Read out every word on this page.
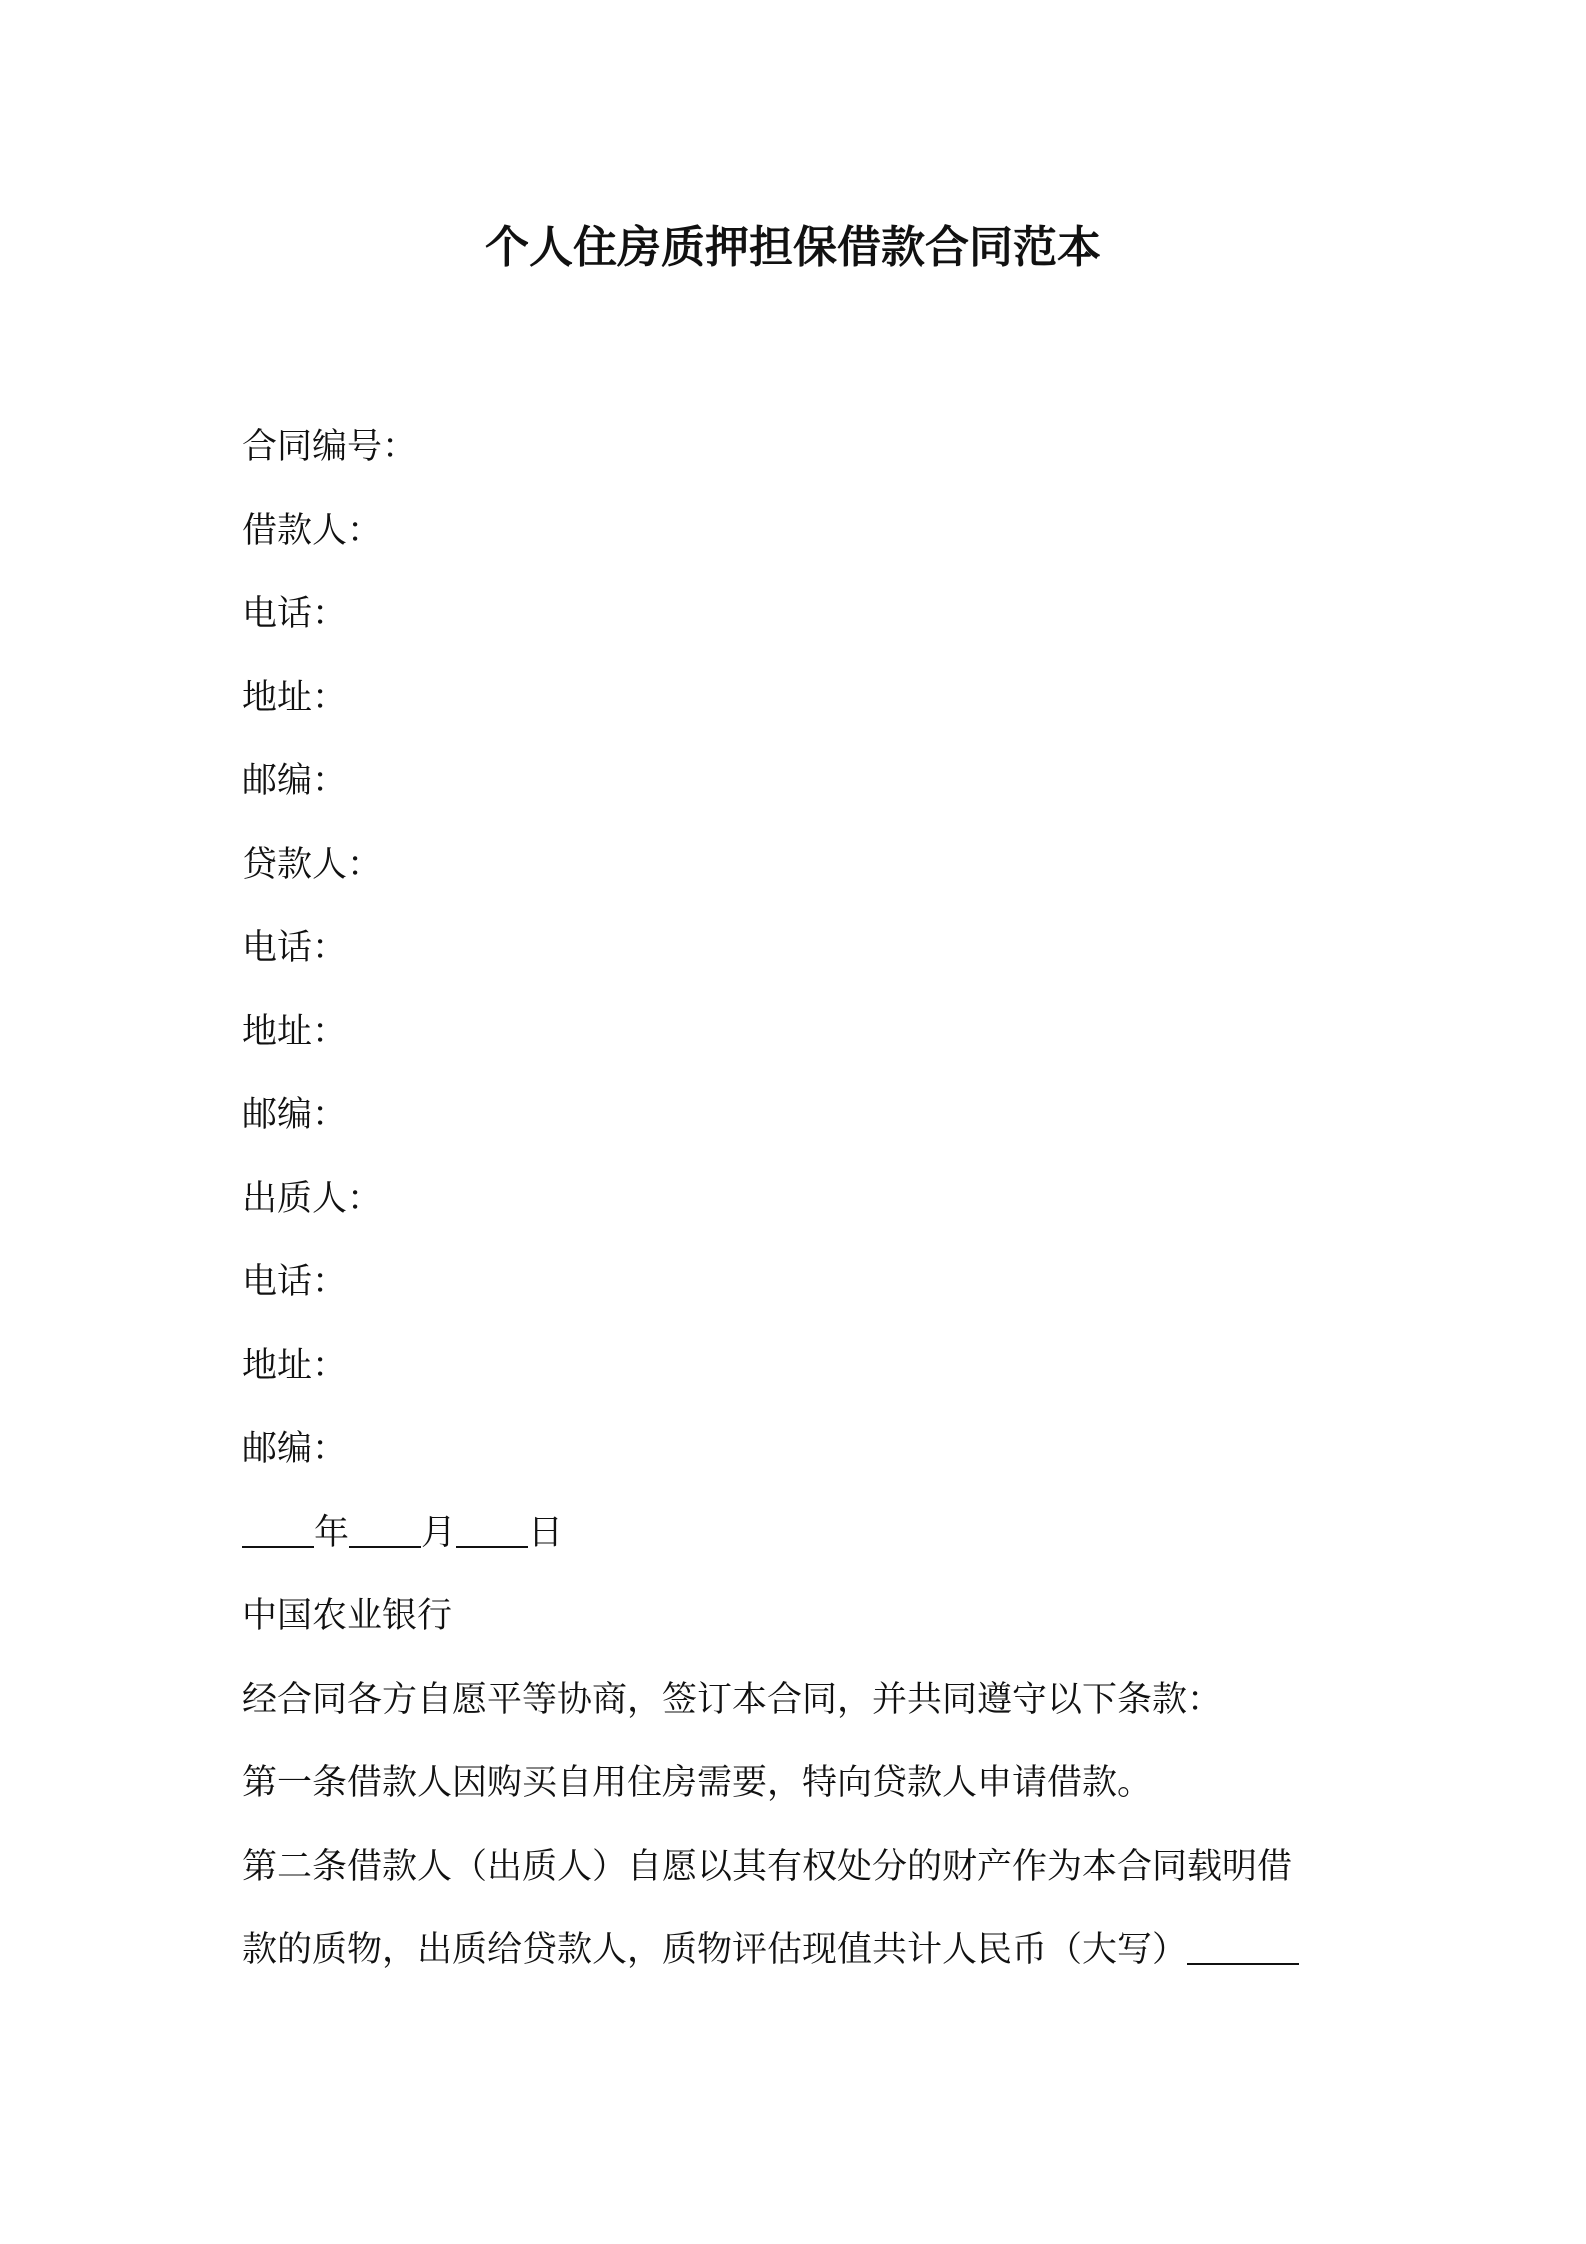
个人住房质押担保借款合同范本
合同编号：
借款人：
电话：
地址：
邮编：
贷款人：
电话：
地址：
邮编：
出质人：
电话：
地址：
邮编：
年 月 日
中国农业银行
经合同各方自愿平等协商，签订本合同，并共同遵守以下条款：
第一条借款人因购买自用住房需要，特向贷款人申请借款。
第二条借款人（出质人）自愿以其有权处分的财产作为本合同载明借
款的质物，出质给贷款人，质物评估现值共计人民币（大写）
